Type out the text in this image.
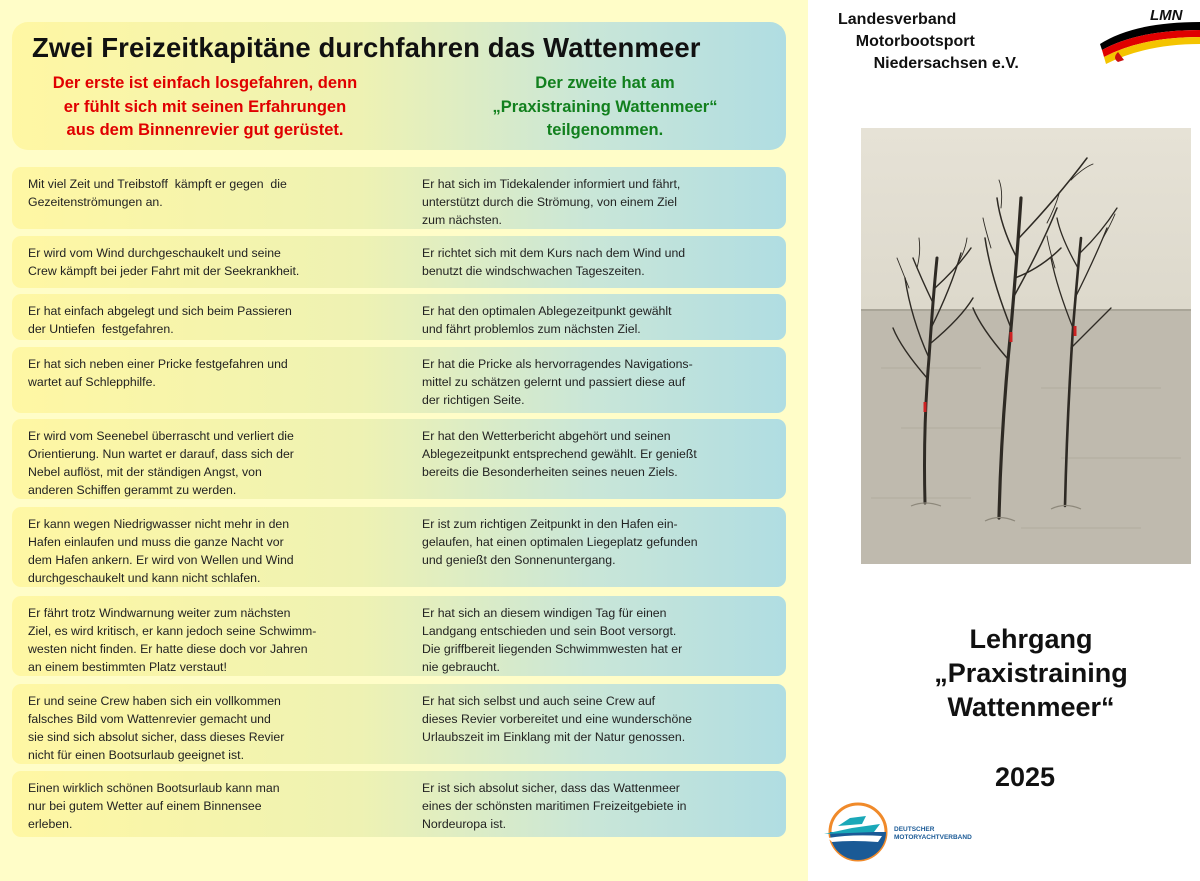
Zwei Freizeitkapitäne durchfahren das Wattenmeer
Der erste ist einfach losgefahren, denn
er fühlt sich mit seinen Erfahrungen
aus dem Binnenrevier gut gerüstet.
Der zweite hat am
„Praxistraining Wattenmeer“
teilgenommen.
Mit viel Zeit und Treibstoff  kämpft er gegen  die
Gezeitenströmungen an.
Er hat sich im Tidekalender informiert und fährt,
unterstützt durch die Strömung, von einem Ziel
zum nächsten.
Er wird vom Wind durchgeschaukelt und seine
Crew kämpft bei jeder Fahrt mit der Seekrankheit.
Er richtet sich mit dem Kurs nach dem Wind und
benutzt die windschwachen Tageszeiten.
Er hat einfach abgelegt und sich beim Passieren
der Untiefen  festgefahren.
Er hat den optimalen Ablegezeitpunkt gewählt
und fährt problemlos zum nächsten Ziel.
Er hat sich neben einer Pricke festgefahren und
wartet auf Schlepphilfe.
Er hat die Pricke als hervorragendes Navigations-
mittel zu schätzen gelernt und passiert diese auf
der richtigen Seite.
Er wird vom Seenebel überrascht und verliert die
Orientierung. Nun wartet er darauf, dass sich der
Nebel auflöst, mit der ständigen Angst, von
anderen Schiffen gerammt zu werden.
Er hat den Wetterbericht abgehört und seinen
Ablegezeitpunkt entsprechend gewählt. Er genießt
bereits die Besonderheiten seines neuen Ziels.
Er kann wegen Niedrigwasser nicht mehr in den
Hafen einlaufen und muss die ganze Nacht vor
dem Hafen ankern. Er wird von Wellen und Wind
durchgeschaukelt und kann nicht schlafen.
Er ist zum richtigen Zeitpunkt in den Hafen ein-
gelaufen, hat einen optimalen Liegeplatz gefunden
und genießt den Sonnenuntergang.
Er fährt trotz Windwarnung weiter zum nächsten
Ziel, es wird kritisch, er kann jedoch seine Schwimm-
westen nicht finden. Er hatte diese doch vor Jahren
an einem bestimmten Platz verstaut!
Er hat sich an diesem windigen Tag für einen
Landgang entschieden und sein Boot versorgt.
Die griffbereit liegenden Schwimmwesten hat er
nie gebraucht.
Er und seine Crew haben sich ein vollkommen
falsches Bild vom Wattenrevier gemacht und
sie sind sich absolut sicher, dass dieses Revier
nicht für einen Bootsurlaub geeignet ist.
Er hat sich selbst und auch seine Crew auf
dieses Revier vorbereitet und eine wunderschöne
Urlaubszeit im Einklang mit der Natur genossen.
Einen wirklich schönen Bootsurlaub kann man
nur bei gutem Wetter auf einem Binnensee
erleben.
Er ist sich absolut sicher, dass das Wattenmeer
eines der schönsten maritimen Freizeitgebiete in
Nordeuropa ist.
Landesverband
Motorbootsport
Niedersachsen e.V.
LMN
Lehrgang
„Praxistraining
Wattenmeer“
2025
DEUTSCHER
MOTORYACHTVERBAND
